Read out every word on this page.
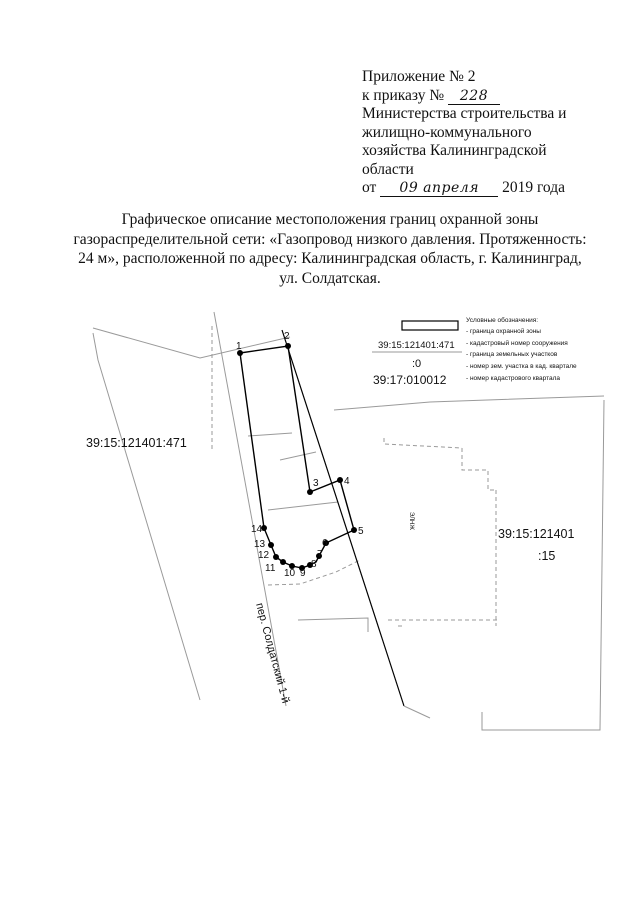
Приложение № 2
к приказу № 228
Министерства строительства и
жилищно-коммунального
хозяйства Калининградской
области
от 09 апреля 2019 года
Графическое описание местоположения границ охранной зоны
газораспределительной сети: «Газопровод низкого давления. Протяженность:
24 м», расположенной по адресу: Калининградская область, г. Калининград,
ул. Солдатская.
1
2
3	4
5
6
7
8
9
10
11
12
13
14
39:15:121401:471
39:15:121401
:15
ЭЛНЖ
пер. Солдатский 1-й
Условные обозначения:
- граница охранной зоны
39:15:121401:471 - кадастровый номер сооружения
- граница земельных участков
:0	- номер зем. участка в кад. квартале
39:17:010012	- номер кадастрового квартала
